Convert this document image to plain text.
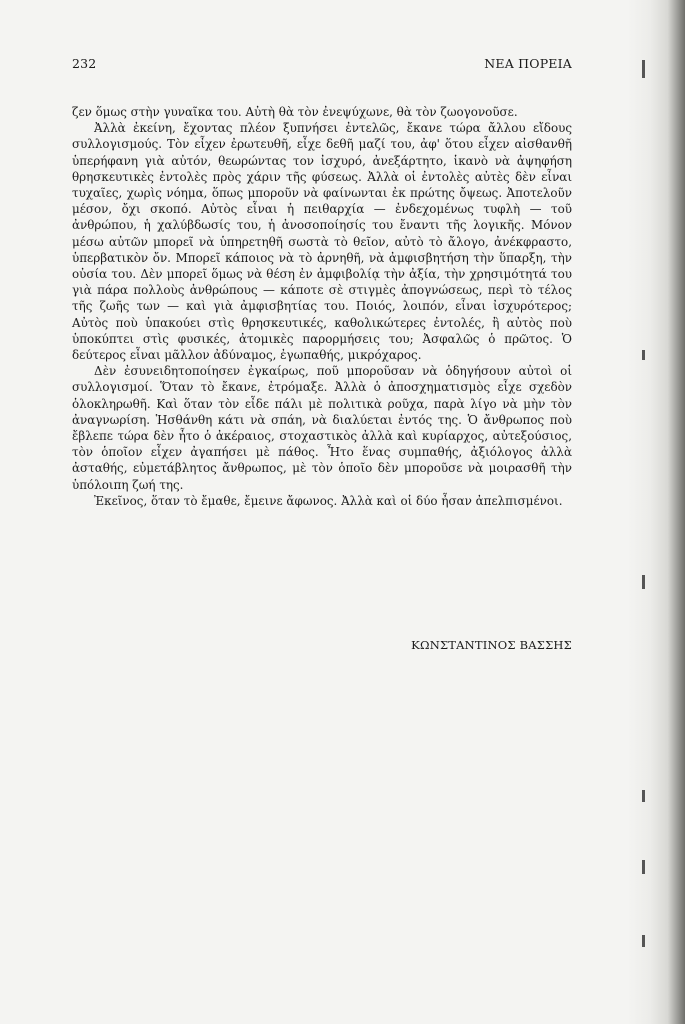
232	ΝΕΑ ΠΟΡΕΙΑ

ζεν ὅμως στὴν γυναῖκα του. Αὐτὴ θὰ τὸν ἐνεψύχωνε, θὰ τὸν ζωογονοῦσε.

Ἀλλὰ ἐκείνη, ἔχοντας πλέον ξυπνήσει ἐντελῶς, ἔκανε τώρα ἄλλου εἴδους συλλογισμούς. Τὸν εἶχεν ἐρωτευθῆ, εἶχε δεθῆ μαζί του, ἀφ' ὅτου εἶχεν αἰσθανθῆ ὑπερήφανη γιὰ αὐτόν, θεωρώντας τον ἰσχυρό, ἀνεξάρτητο, ἱκανὸ νὰ ἀψηφήση θρησκευτικὲς ἐντολὲς πρὸς χάριν τῆς φύσεως. Ἀλλὰ οἱ ἐντολὲς αὐτὲς δὲν εἶναι τυχαῖες, χωρὶς νόημα, ὅπως μποροῦν νὰ φαίνωνται ἐκ πρώτης ὄψεως. Ἀποτελοῦν μέσον, ὄχι σκοπό. Αὐτὸς εἶναι ἡ πειθαρχία — ἐνδεχομένως τυφλὴ — τοῦ ἀνθρώπου, ἡ χαλύβδωσίς του, ἡ ἀνοσοποίησίς του ἔναντι τῆς λογικῆς. Μόνον μέσω αὐτῶν μπορεῖ νὰ ὑπηρετηθῆ σωστὰ τὸ θεῖον, αὐτὸ τὸ ἄλογο, ἀνέκφραστο, ὑπερβατικὸν ὄν. Μπορεῖ κάποιος νὰ τὸ ἀρνηθῆ, νὰ ἀμφισβητήση τὴν ὕπαρξη, τὴν οὐσία του. Δὲν μπορεῖ ὅμως νὰ θέση ἐν ἀμφιβολίᾳ τὴν ἀξία, τὴν χρησιμότητά του γιὰ πάρα πολλοὺς ἀνθρώπους — κάποτε σὲ στιγμὲς ἀπογνώσεως, περὶ τὸ τέλος τῆς ζωῆς των — καὶ γιὰ ἀμφισβητίας του. Ποιός, λοιπόν, εἶναι ἰσχυρότερος; Αὐτὸς ποὺ ὑπακούει στὶς θρησκευτικές, καθολικώτερες ἐντολές, ἢ αὐτὸς ποὺ ὑποκύπτει στὶς φυσικές, ἀτομικὲς παρορμήσεις του; Ἀσφαλῶς ὁ πρῶτος. Ὁ δεύτερος εἶναι μᾶλλον ἀδύναμος, ἐγωπαθής, μικρόχαρος.

Δὲν ἐσυνειδητοποίησεν ἐγκαίρως, ποῦ μποροῦσαν νὰ ὁδηγήσουν αὐτοὶ οἱ συλλογισμοί. Ὅταν τὸ ἔκανε, ἐτρόμαξε. Ἀλλὰ ὁ ἀποσχηματισμὸς εἶχε σχεδὸν ὁλοκληρωθῆ. Καὶ ὅταν τὸν εἶδε πάλι μὲ πολιτικὰ ροῦχα, παρὰ λίγο νὰ μὴν τὸν ἀναγνωρίση. Ἡσθάνθη κάτι νὰ σπάη, νὰ διαλύεται ἐντός της. Ὁ ἄνθρωπος ποὺ ἔβλεπε τώρα δὲν ἦτο ὁ ἀκέραιος, στοχαστικὸς ἀλλὰ καὶ κυρίαρχος, αὐτεξούσιος, τὸν ὁποῖον εἶχεν ἀγαπήσει μὲ πάθος. Ἦτο ἕνας συμπαθής, ἀξιόλογος ἀλλὰ ἀσταθής, εὐμετάβλητος ἄνθρωπος, μὲ τὸν ὁποῖο δὲν μποροῦσε νὰ μοιρασθῆ τὴν ὑπόλοιπη ζωή της.

Ἐκεῖνος, ὅταν τὸ ἔμαθε, ἔμεινε ἄφωνος. Ἀλλὰ καὶ οἱ δύο ἦσαν ἀπελπισμένοι.

ΚΩΝΣΤΑΝΤΙΝΟΣ ΒΑΣΣΗΣ
